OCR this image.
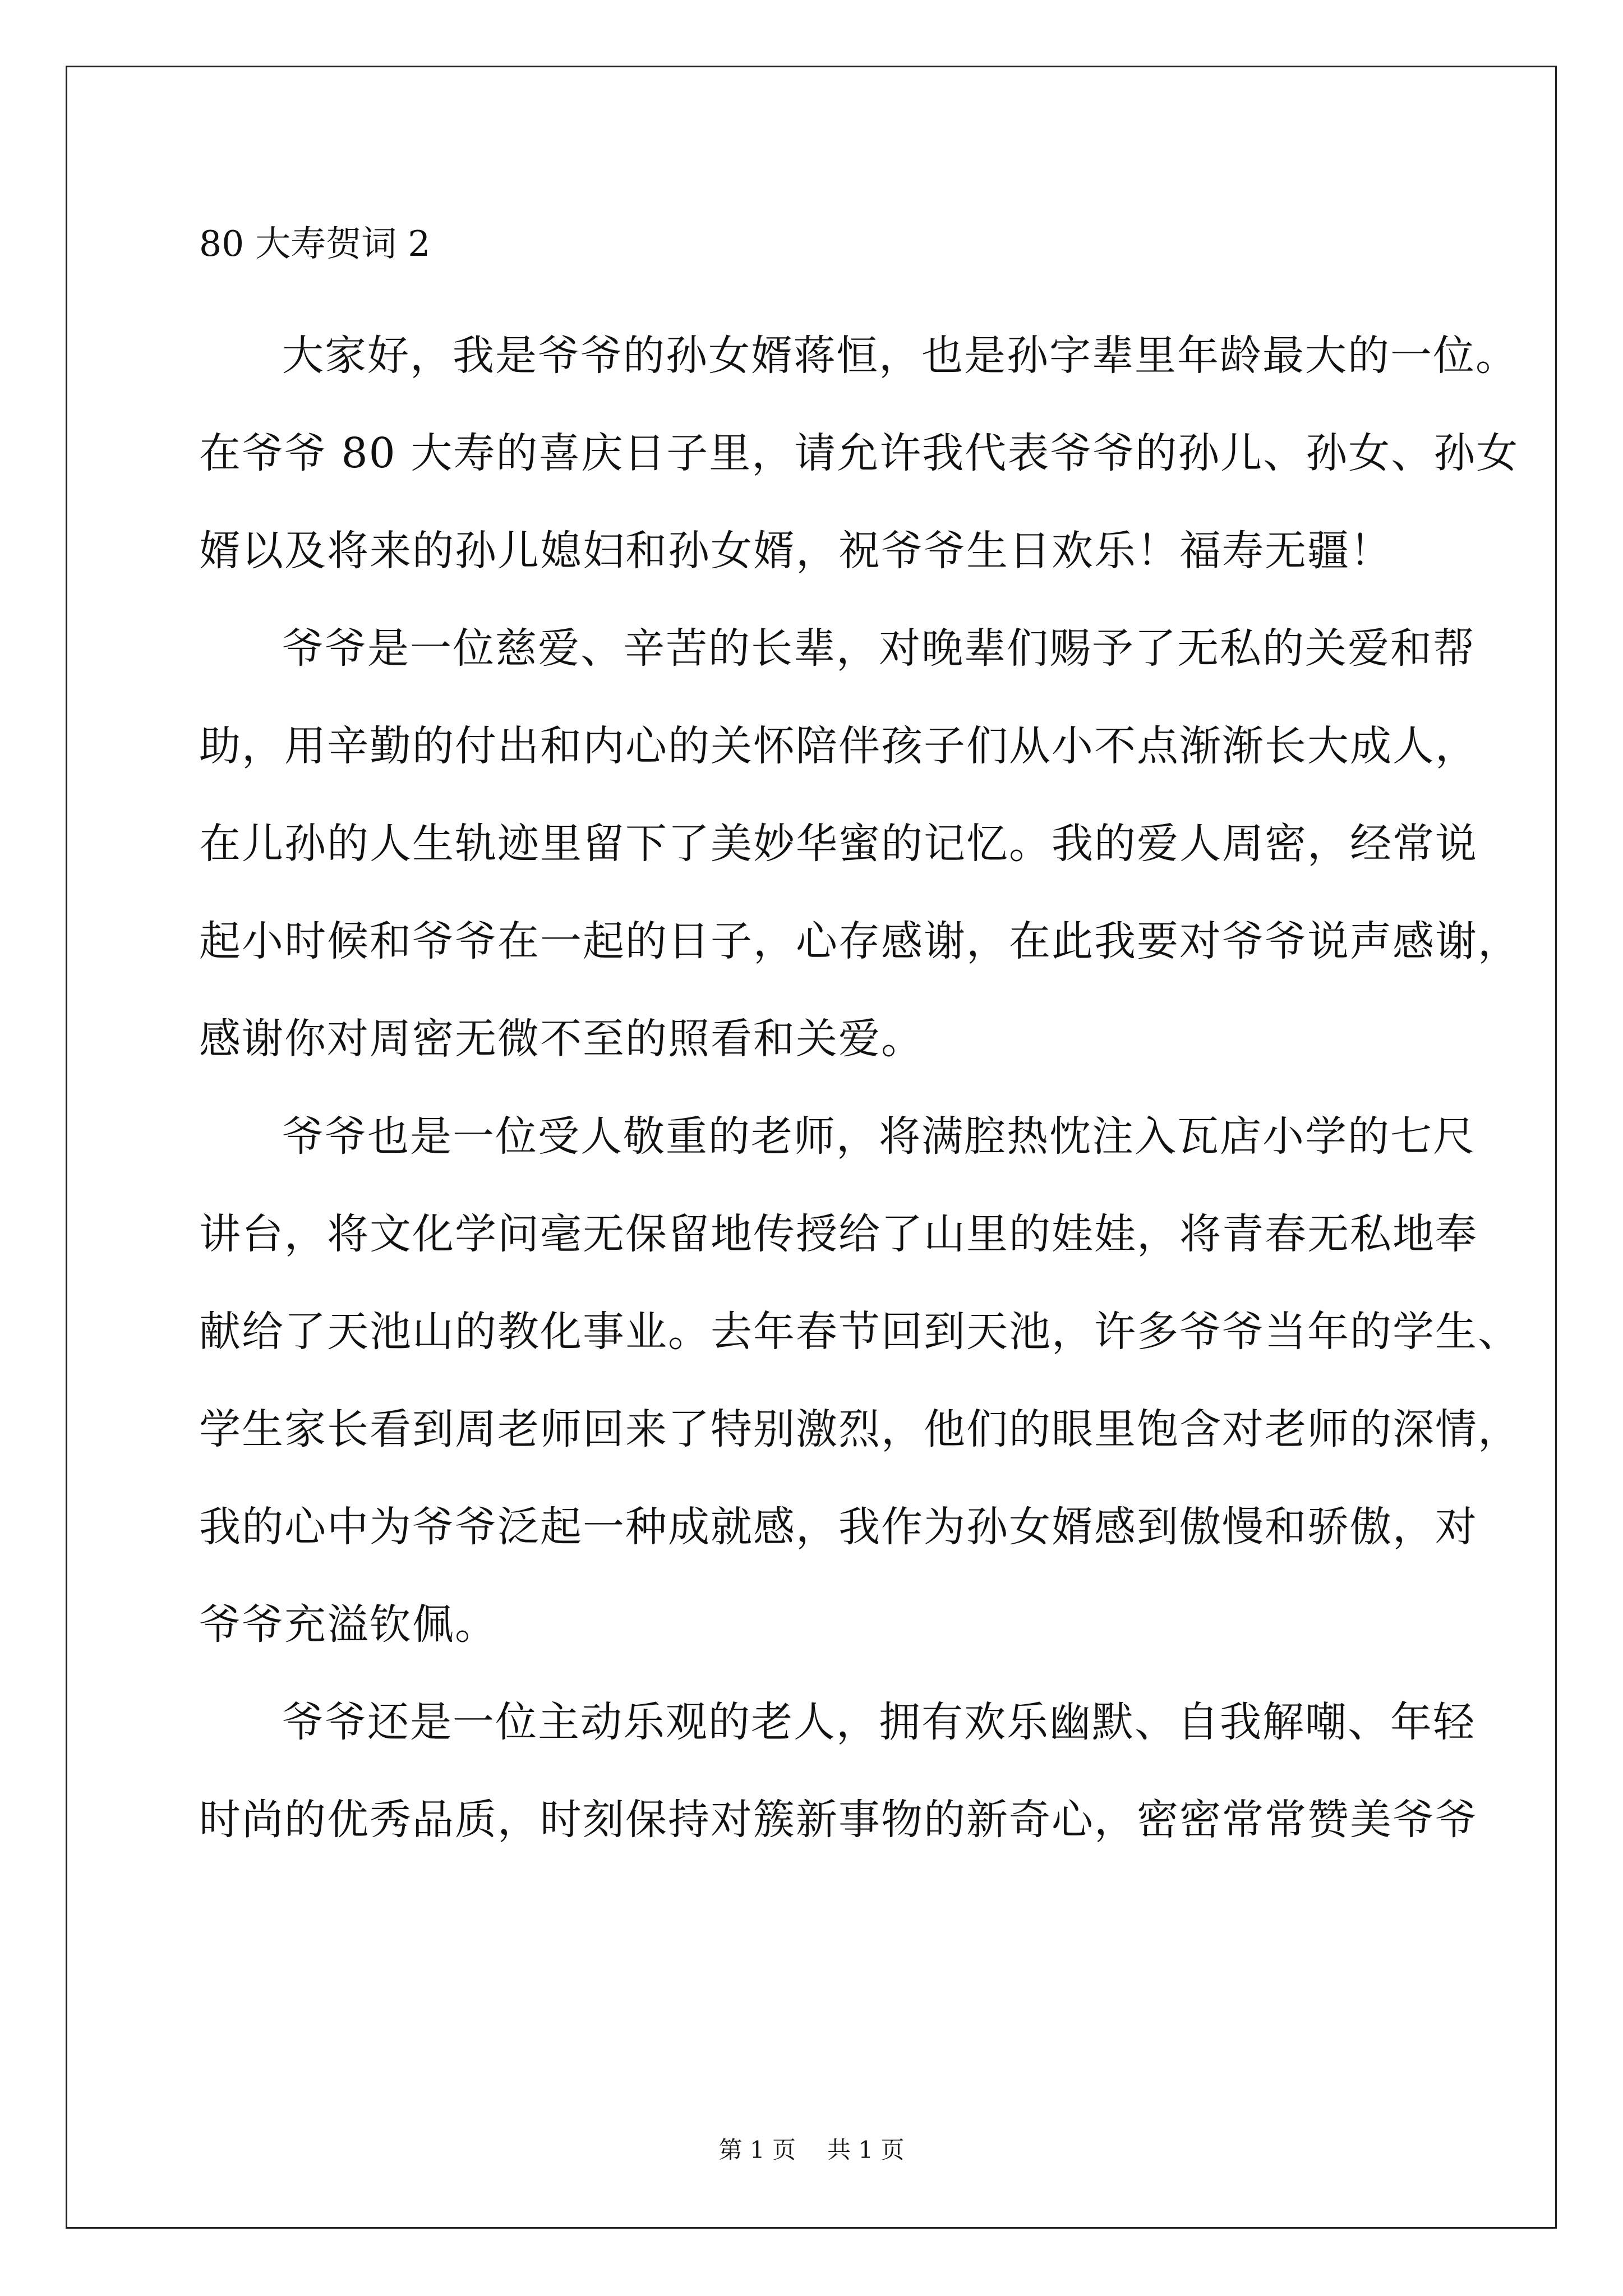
80 大寿贺词 2
大家好，我是爷爷的孙女婿蒋恒，也是孙字辈里年龄最大的一位。
在爷爷 80 大寿的喜庆日子里，请允许我代表爷爷的孙儿、孙女、孙女
婿以及将来的孙儿媳妇和孙女婿，祝爷爷生日欢乐！福寿无疆！
爷爷是一位慈爱、辛苦的长辈，对晚辈们赐予了无私的关爱和帮
助，用辛勤的付出和内心的关怀陪伴孩子们从小不点渐渐长大成人，
在儿孙的人生轨迹里留下了美妙华蜜的记忆。我的爱人周密，经常说
起小时候和爷爷在一起的日子，心存感谢，在此我要对爷爷说声感谢，
感谢你对周密无微不至的照看和关爱。
爷爷也是一位受人敬重的老师，将满腔热忱注入瓦店小学的七尺
讲台，将文化学问毫无保留地传授给了山里的娃娃，将青春无私地奉
献给了天池山的教化事业。去年春节回到天池，许多爷爷当年的学生、
学生家长看到周老师回来了特别激烈，他们的眼里饱含对老师的深情，
我的心中为爷爷泛起一种成就感，我作为孙女婿感到傲慢和骄傲，对
爷爷充溢钦佩。
爷爷还是一位主动乐观的老人，拥有欢乐幽默、自我解嘲、年轻
时尚的优秀品质，时刻保持对簇新事物的新奇心，密密常常赞美爷爷
第 1 页 共 1 页
